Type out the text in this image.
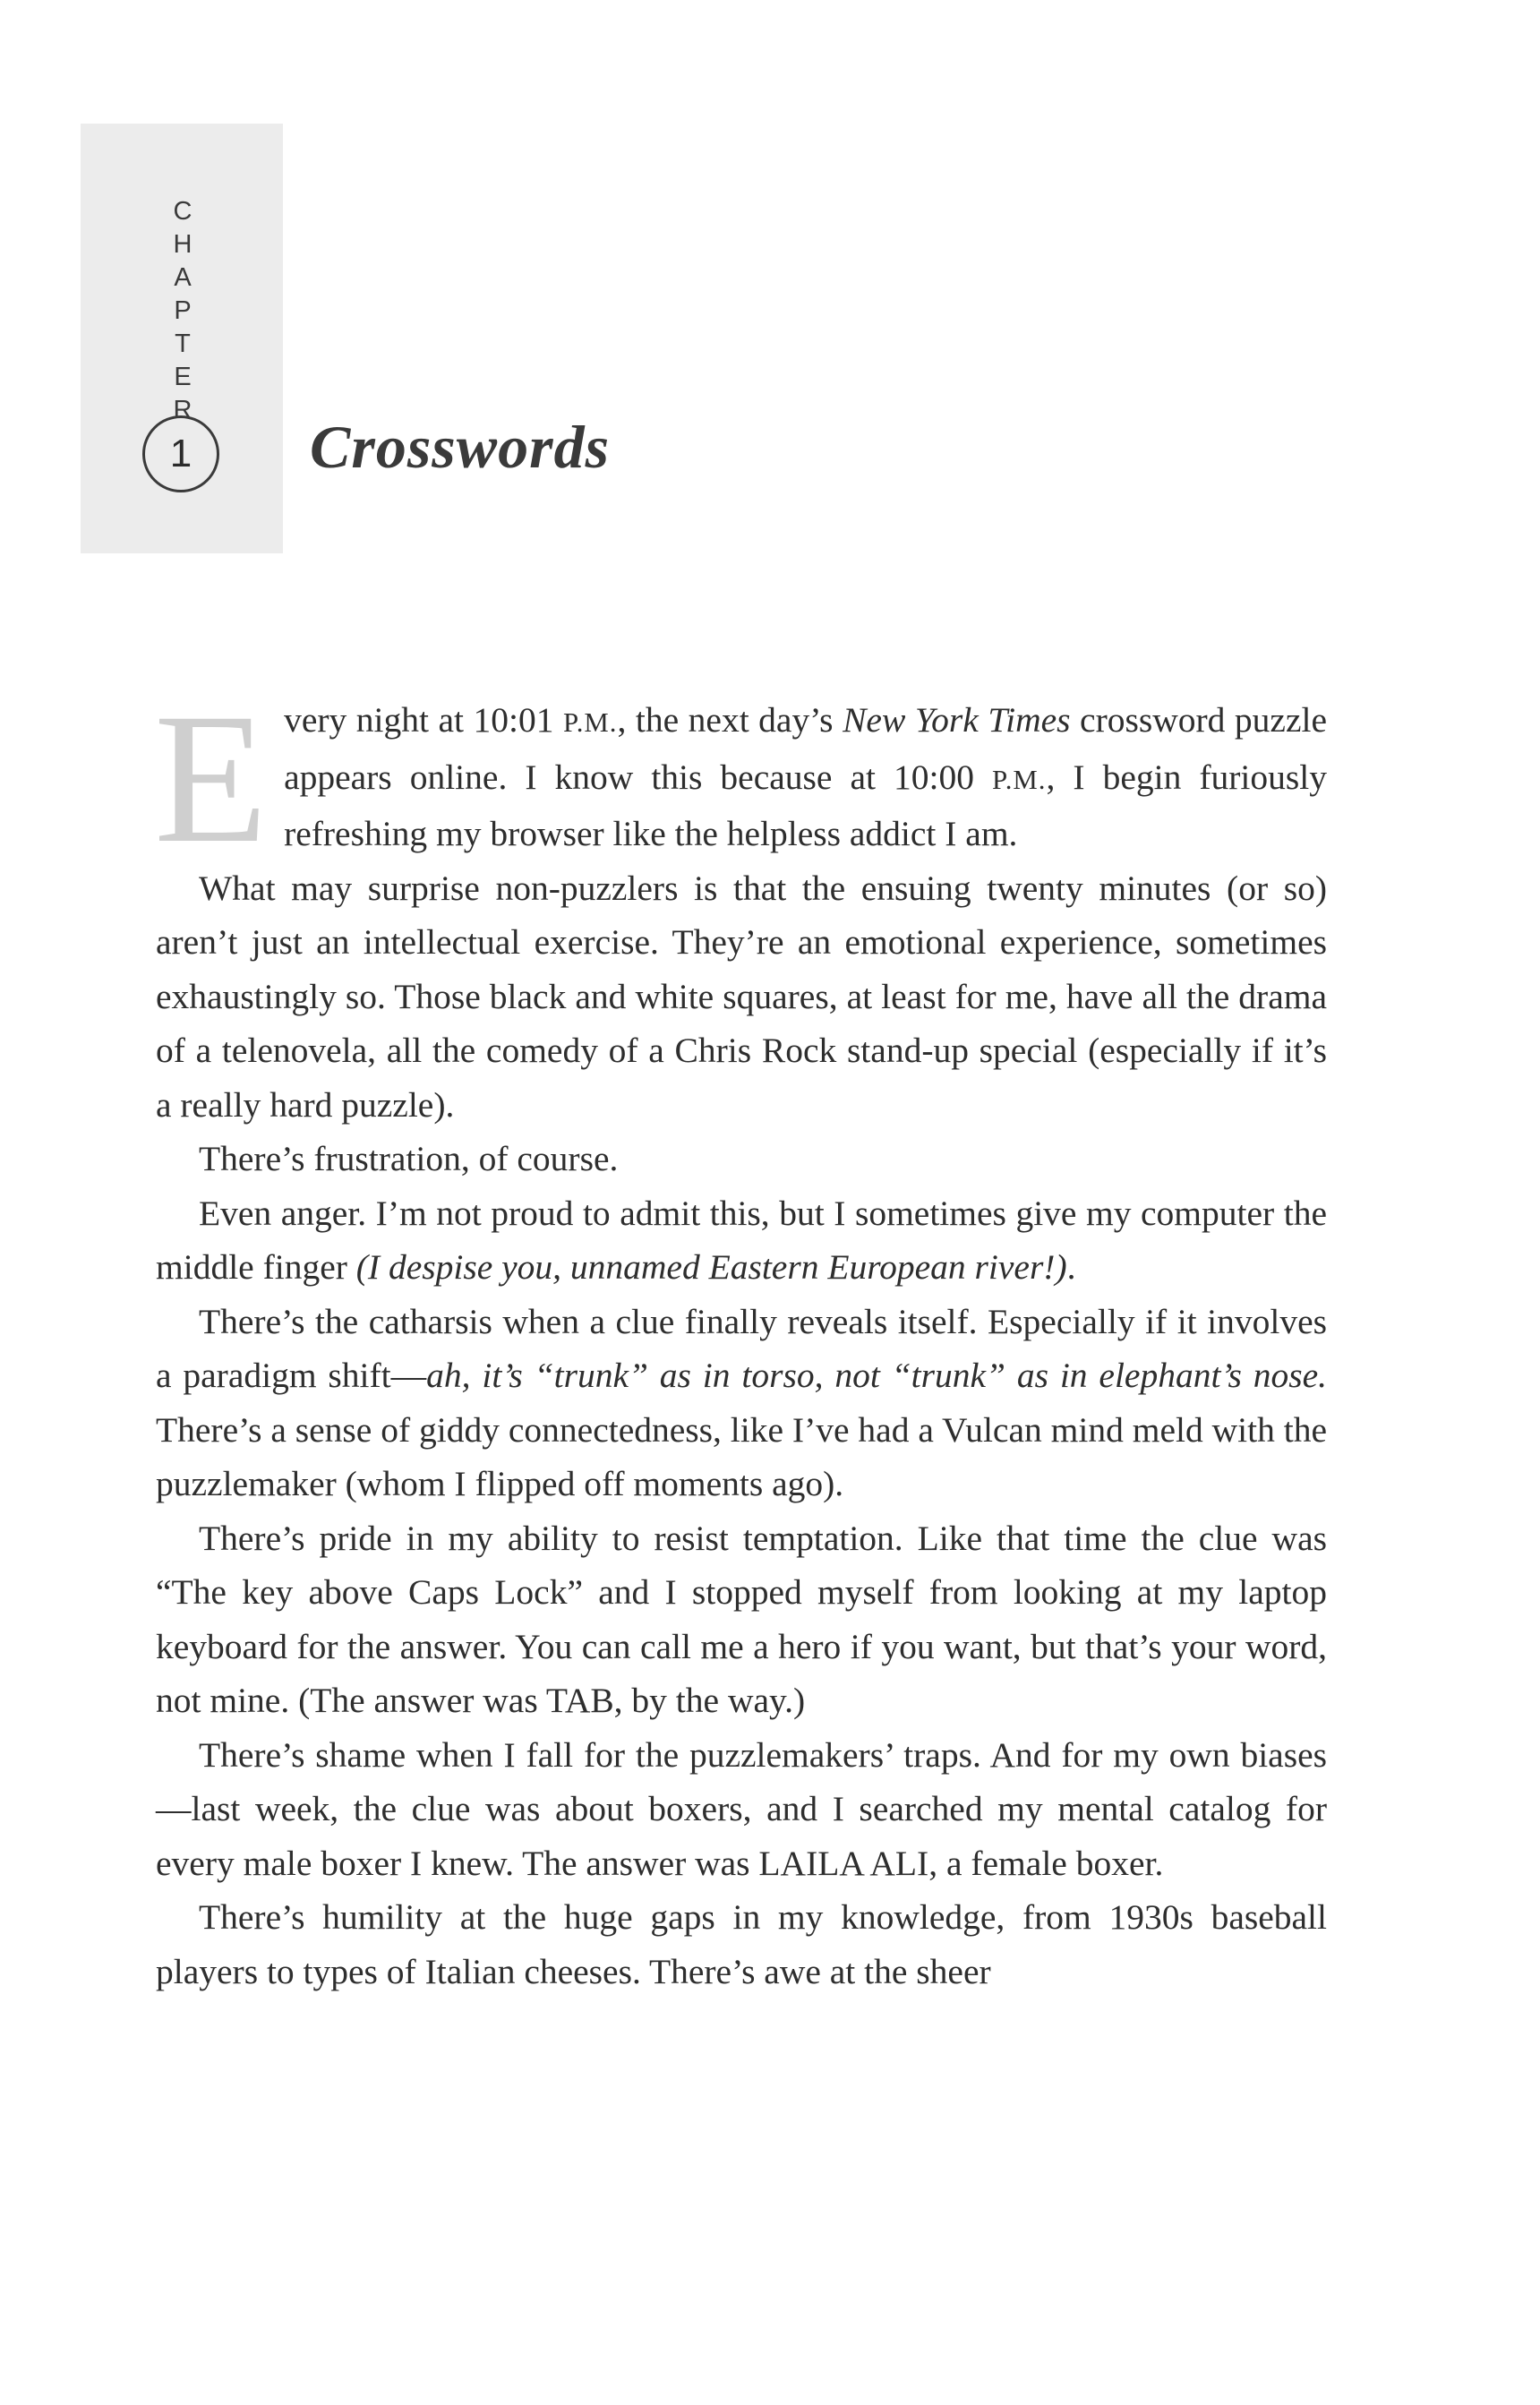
C
H
A
P
T
E
R
1 Crosswords

Every night at 10:01 P.M., the next day’s New York Times crossword puzzle appears online. I know this because at 10:00 P.M., I begin furiously refreshing my browser like the helpless addict I am.

What may surprise non-puzzlers is that the ensuing twenty minutes (or so) aren’t just an intellectual exercise. They’re an emotional experience, sometimes exhaustingly so. Those black and white squares, at least for me, have all the drama of a telenovela, all the comedy of a Chris Rock stand-up special (especially if it’s a really hard puzzle).

There’s frustration, of course.

Even anger. I’m not proud to admit this, but I sometimes give my computer the middle finger (I despise you, unnamed Eastern European river!).

There’s the catharsis when a clue finally reveals itself. Especially if it involves a paradigm shift—ah, it’s “trunk” as in torso, not “trunk” as in elephant’s nose. There’s a sense of giddy connectedness, like I’ve had a Vulcan mind meld with the puzzlemaker (whom I flipped off moments ago).

There’s pride in my ability to resist temptation. Like that time the clue was “The key above Caps Lock” and I stopped myself from looking at my laptop keyboard for the answer. You can call me a hero if you want, but that’s your word, not mine. (The answer was TAB, by the way.)

There’s shame when I fall for the puzzlemakers’ traps. And for my own biases—last week, the clue was about boxers, and I searched my mental catalog for every male boxer I knew. The answer was LAILA ALI, a female boxer.

There’s humility at the huge gaps in my knowledge, from 1930s baseball players to types of Italian cheeses. There’s awe at the sheer
